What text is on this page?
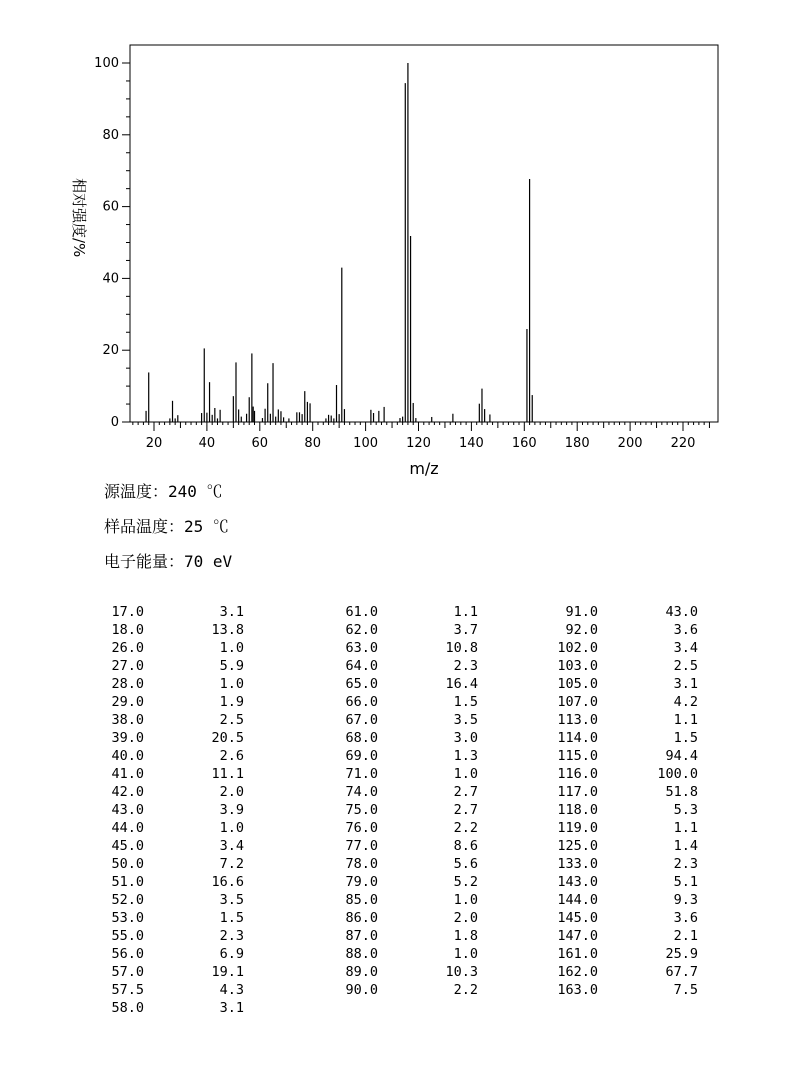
0
20
40
60
80
100
20	40	60	80 100 120 140 160 180 200 220
m/z
相对强度/%
源温度：240 ℃
样品温度：25 ℃
电子能量：70 eV
17.0	3.1
18.0	13.8
26.0	1.0
27.0	5.9
28.0	1.0
29.0	1.9
38.0	2.5
39.0	20.5
40.0	2.6
41.0	11.1
42.0	2.0
43.0	3.9
44.0	1.0
45.0	3.4
50.0	7.2
51.0	16.6
52.0	3.5
53.0	1.5
55.0	2.3
56.0	6.9
57.0	19.1
57.5	4.3
58.0	3.1
61.0	1.1
62.0	3.7
63.0	10.8
64.0	2.3
65.0	16.4
66.0	1.5
67.0	3.5
68.0	3.0
69.0	1.3
71.0	1.0
74.0	2.7
75.0	2.7
76.0	2.2
77.0	8.6
78.0	5.6
79.0	5.2
85.0	1.0
86.0	2.0
87.0	1.8
88.0	1.0
89.0	10.3
90.0	2.2
91.0	43.0
92.0	3.6
102.0	3.4
103.0	2.5
105.0	3.1
107.0	4.2
113.0	1.1
114.0	1.5
115.0	94.4
116.0	100.0
117.0	51.8
118.0	5.3
119.0	1.1
125.0	1.4
133.0	2.3
143.0	5.1
144.0	9.3
145.0	3.6
147.0	2.1
161.0	25.9
162.0	67.7
163.0	7.5
